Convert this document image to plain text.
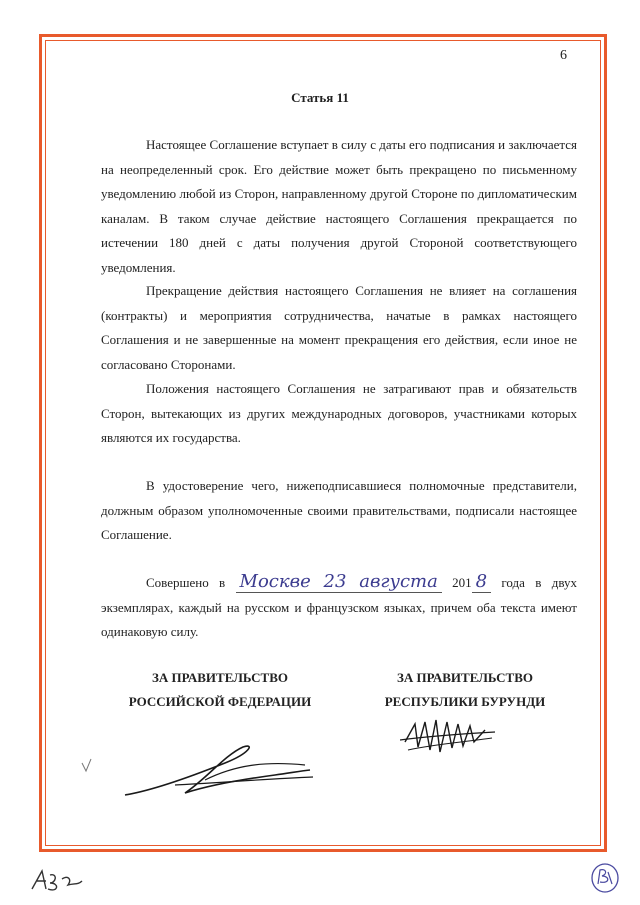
6
Статья 11

Настоящее Соглашение вступает в силу с даты его подписания и заключается на неопределенный срок. Его действие может быть прекращено по письменному уведомлению любой из Сторон, направленному другой Стороне по дипломатическим каналам. В таком случае действие настоящего Соглашения прекращается по истечении 180 дней с даты получения другой Стороной соответствующего уведомления.

Прекращение действия настоящего Соглашения не влияет на соглашения (контракты) и мероприятия сотрудничества, начатые в рамках настоящего Соглашения и не завершенные на момент прекращения его действия, если иное не согласовано Сторонами.

Положения настоящего Соглашения не затрагивают прав и обязательств Сторон, вытекающих из других международных договоров, участниками которых являются их государства.

В удостоверение чего, нижеподписавшиеся полномочные представители, должным образом уполномоченные своими правительствами, подписали настоящее Соглашение.

Совершено в Москве 23 августа 201 8 года в двух экземплярах, каждый на русском и французском языках, причем оба текста имеют одинаковую силу.
ЗА ПРАВИТЕЛЬСТВО
РОССИЙСКОЙ ФЕДЕРАЦИИ
ЗА ПРАВИТЕЛЬСТВО
РЕСПУБЛИКИ БУРУНДИ
